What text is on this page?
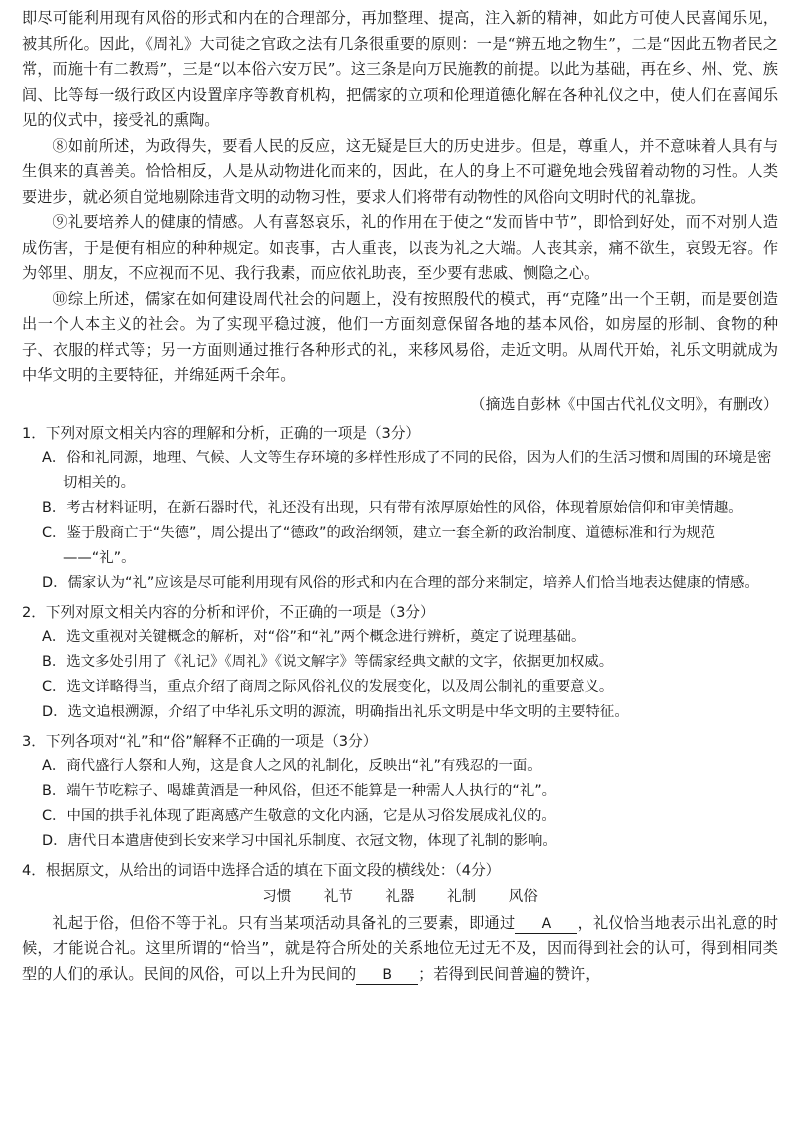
即尽可能利用现有风俗的形式和内在的合理部分，再加整理、提高，注入新的精神，如此方可使人民喜闻乐见，被其所化。因此，《周礼》大司徒之官政之法有几条很重要的原则：一是“辨五地之物生”，二是“因此五物者民之常，而施十有二教焉”，三是“以本俗六安万民”。这三条是向万民施教的前提。以此为基础，再在乡、州、党、族闾、比等每一级行政区内设置庠序等教育机构，把儒家的立项和伦理道德化解在各种礼仪之中，使人们在喜闻乐见的仪式中，接受礼的熏陶。

⑧如前所述，为政得失，要看人民的反应，这无疑是巨大的历史进步。但是，尊重人，并不意味着人具有与生俱来的真善美。恰恰相反，人是从动物进化而来的，因此，在人的身上不可避免地会残留着动物的习性。人类要进步，就必须自觉地剔除违背文明的动物习性，要求人们将带有动物性的风俗向文明时代的礼靠拢。

⑨礼要培养人的健康的情感。人有喜怒哀乐，礼的作用在于使之“发而皆中节”，即恰到好处，而不对别人造成伤害，于是便有相应的种种规定。如丧事，古人重丧，以丧为礼之大端。人丧其亲，痛不欲生，哀毁无容。作为邻里、朋友，不应视而不见、我行我素，而应依礼助丧，至少要有悲戚、恻隐之心。

⑩综上所述，儒家在如何建设周代社会的问题上，没有按照殷代的模式，再“克隆”出一个王朝，而是要创造出一个人本主义的社会。为了实现平稳过渡，他们一方面刻意保留各地的基本风俗，如房屋的形制、食物的种子、衣服的样式等；另一方面则通过推行各种形式的礼，来移风易俗，走近文明。从周代开始，礼乐文明就成为中华文明的主要特征，并绵延两千余年。

（摘选自彭林《中国古代礼仪文明》，有删改）

1．下列对原文相关内容的理解和分析，正确的一项是（3分）

A．俗和礼同源，地理、气候、人文等生存环境的多样性形成了不同的民俗，因为人们的生活习惯和周围的环境是密切相关的。

B．考古材料证明，在新石器时代，礼还没有出现，只有带有浓厚原始性的风俗，体现着原始信仰和审美情趣。

C．鉴于殷商亡于“失德”，周公提出了“德政”的政治纲领，建立一套全新的政治制度、道德标准和行为规范——“礼”。

D．儒家认为“礼”应该是尽可能利用现有风俗的形式和内在合理的部分来制定，培养人们恰当地表达健康的情感。

2．下列对原文相关内容的分析和评价，不正确的一项是（3分）

A．选文重视对关键概念的解析，对“俗”和“礼”两个概念进行辨析，奠定了说理基础。

B．选文多处引用了《礼记》《周礼》《说文解字》等儒家经典文献的文字，依据更加权威。

C．选文详略得当，重点介绍了商周之际风俗礼仪的发展变化，以及周公制礼的重要意义。

D．选文追根溯源，介绍了中华礼乐文明的源流，明确指出礼乐文明是中华文明的主要特征。

3．下列各项对“礼”和“俗”解释不正确的一项是（3分）

A．商代盛行人祭和人殉，这是食人之风的礼制化，反映出“礼”有残忍的一面。

B．端午节吃粽子、喝雄黄酒是一种风俗，但还不能算是一种需人人执行的“礼”。

C．中国的拱手礼体现了距离感产生敬意的文化内涵，它是从习俗发展成礼仪的。

D．唐代日本遣唐使到长安来学习中国礼乐制度、衣冠文物，体现了礼制的影响。

4．根据原文，从给出的词语中选择合适的填在下面文段的横线处：（4分）

习惯 礼节 礼器 礼制 风俗

礼起于俗，但俗不等于礼。只有当某项活动具备礼的三要素，即通过 A ，礼仪恰当地表示出礼意的时候，才能说合礼。这里所谓的“恰当”，就是符合所处的关系地位无过无不及，因而得到社会的认可，得到相同类型的人们的承认。民间的风俗，可以上升为民间的 B ；若得到民间普遍的赞许，
